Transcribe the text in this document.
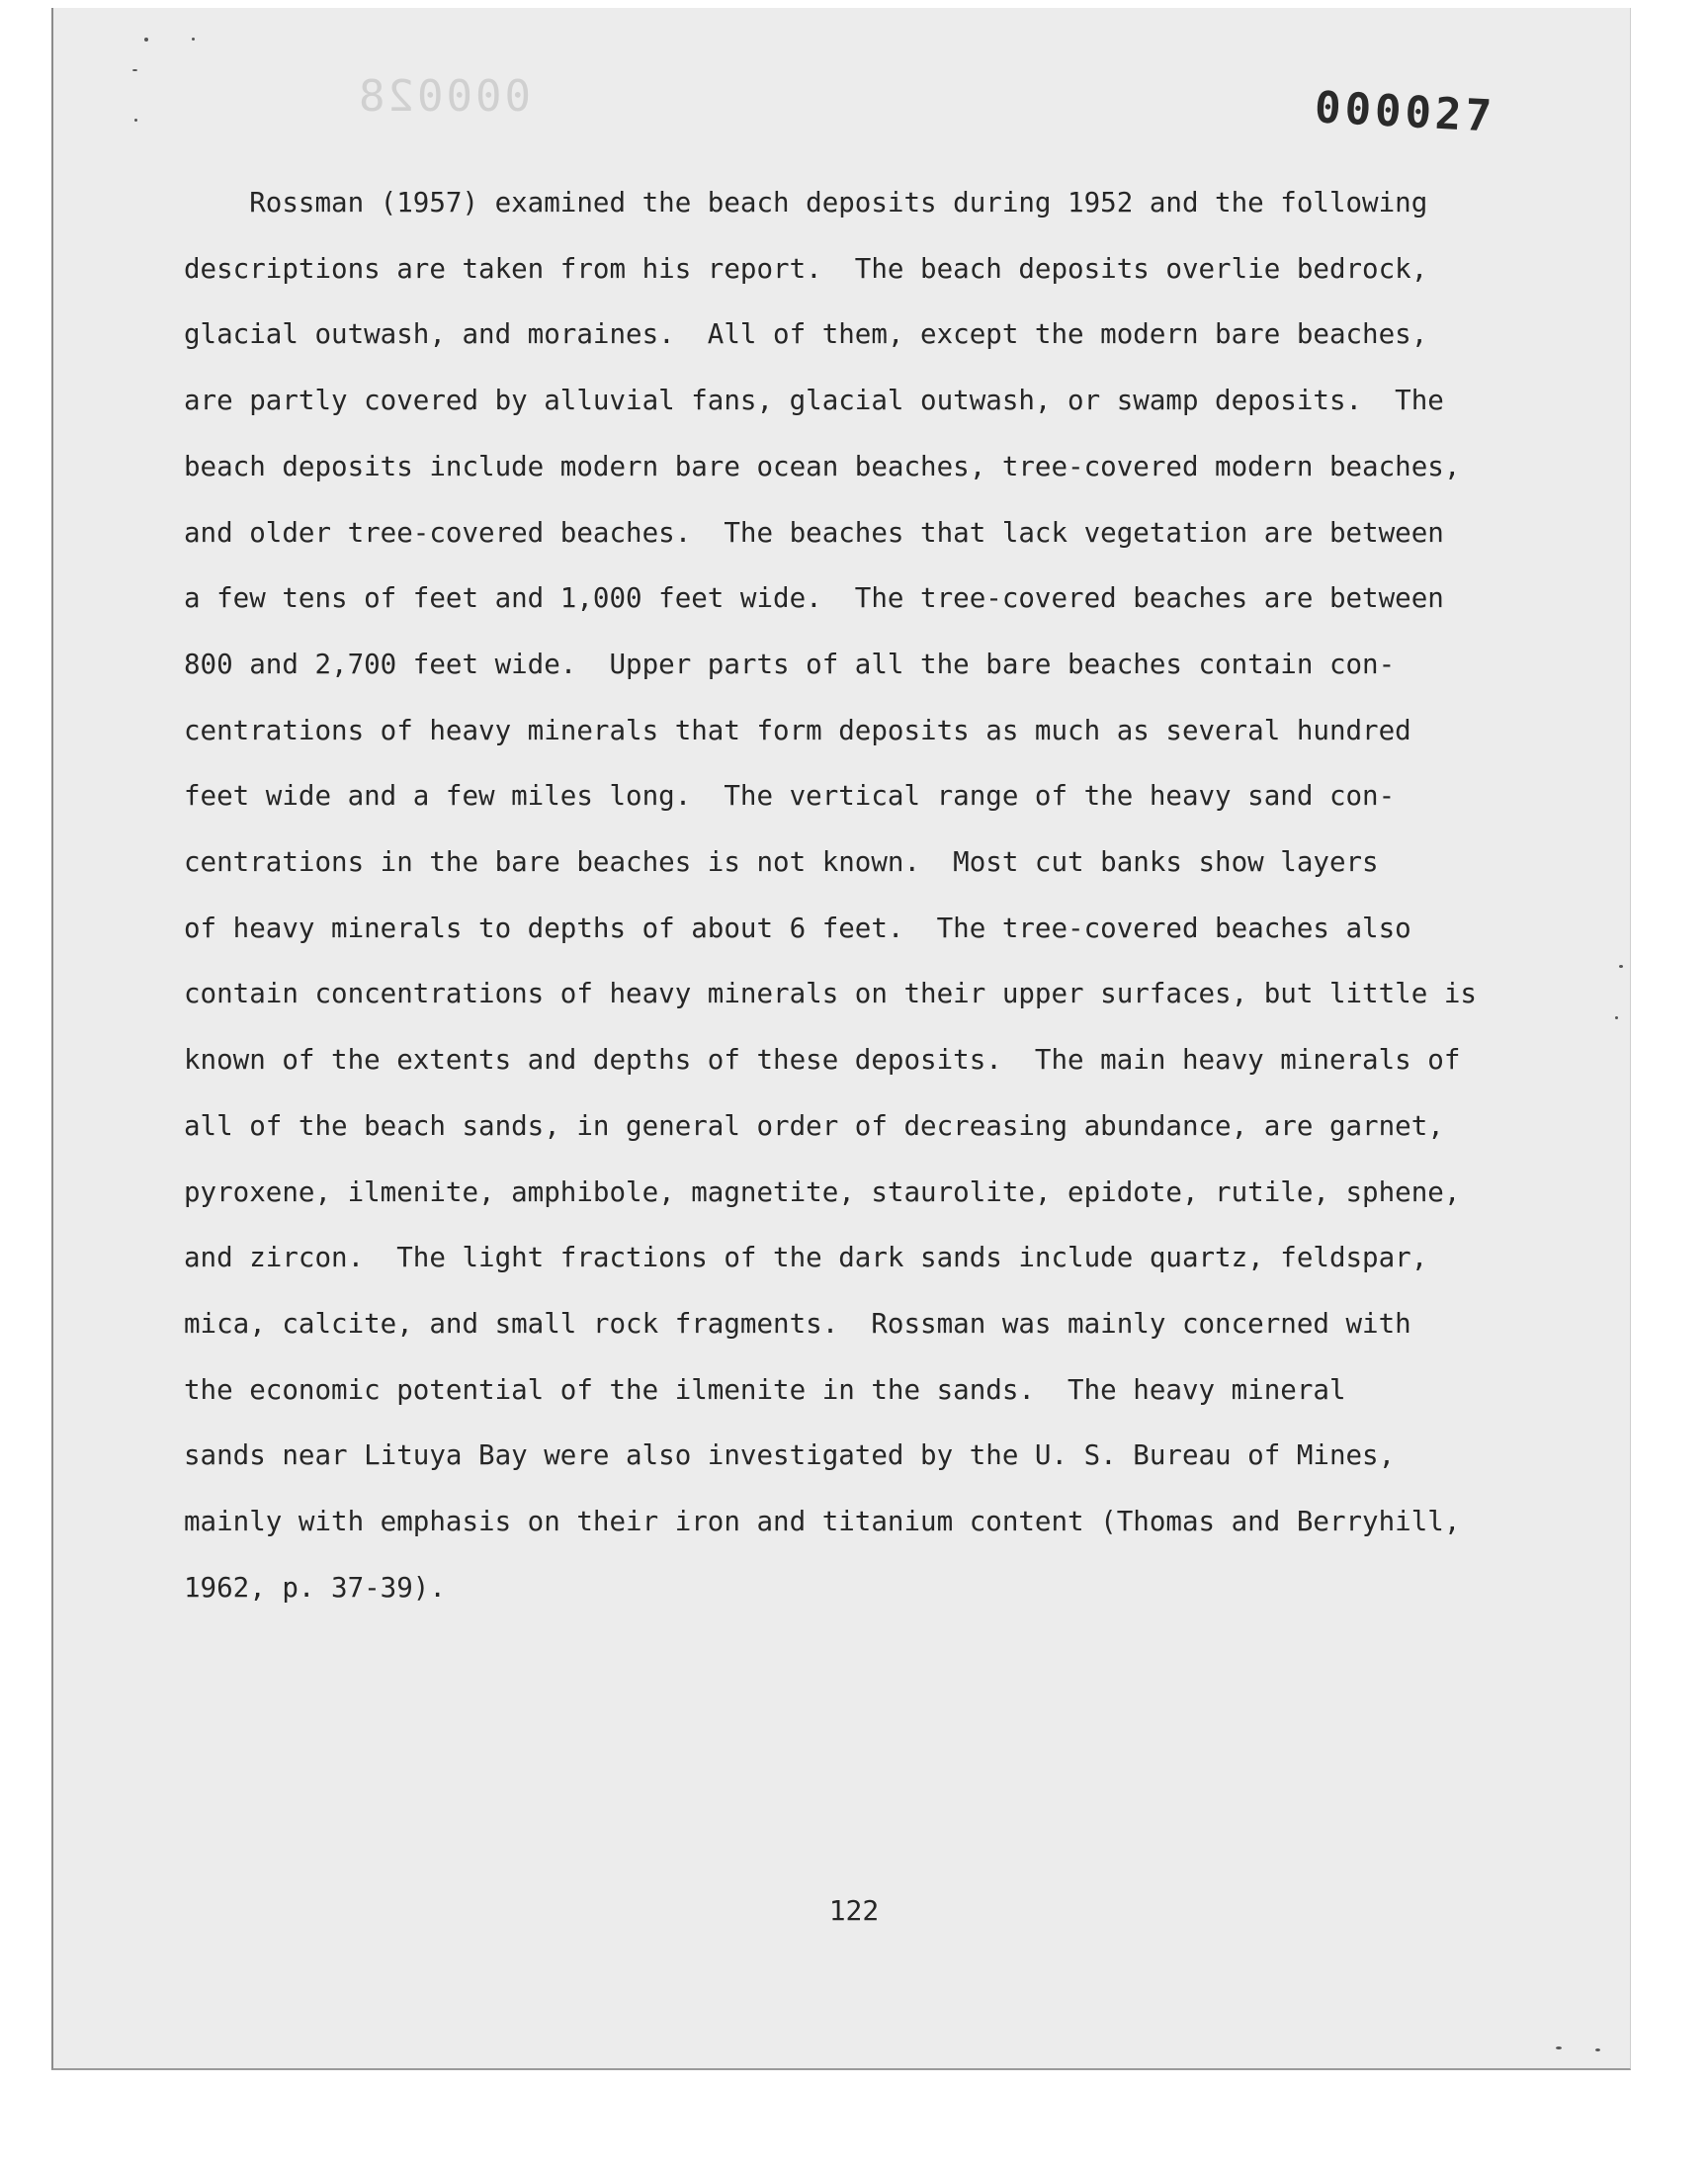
000028	000027
Rossman (1957) examined the beach deposits during 1952 and the following
descriptions are taken from his report.  The beach deposits overlie bedrock,
glacial outwash, and moraines.  All of them, except the modern bare beaches,
are partly covered by alluvial fans, glacial outwash, or swamp deposits.  The
beach deposits include modern bare ocean beaches, tree-covered modern beaches,
and older tree-covered beaches.  The beaches that lack vegetation are between
a few tens of feet and 1,000 feet wide.  The tree-covered beaches are between
800 and 2,700 feet wide.  Upper parts of all the bare beaches contain con-
centrations of heavy minerals that form deposits as much as several hundred
feet wide and a few miles long.  The vertical range of the heavy sand con-
centrations in the bare beaches is not known.  Most cut banks show layers
of heavy minerals to depths of about 6 feet.  The tree-covered beaches also
contain concentrations of heavy minerals on their upper surfaces, but little is
known of the extents and depths of these deposits.  The main heavy minerals of
all of the beach sands, in general order of decreasing abundance, are garnet,
pyroxene, ilmenite, amphibole, magnetite, staurolite, epidote, rutile, sphene,
and zircon.  The light fractions of the dark sands include quartz, feldspar,
mica, calcite, and small rock fragments.  Rossman was mainly concerned with
the economic potential of the ilmenite in the sands.  The heavy mineral
sands near Lituya Bay were also investigated by the U. S. Bureau of Mines,
mainly with emphasis on their iron and titanium content (Thomas and Berryhill,
1962, p. 37-39).
122
